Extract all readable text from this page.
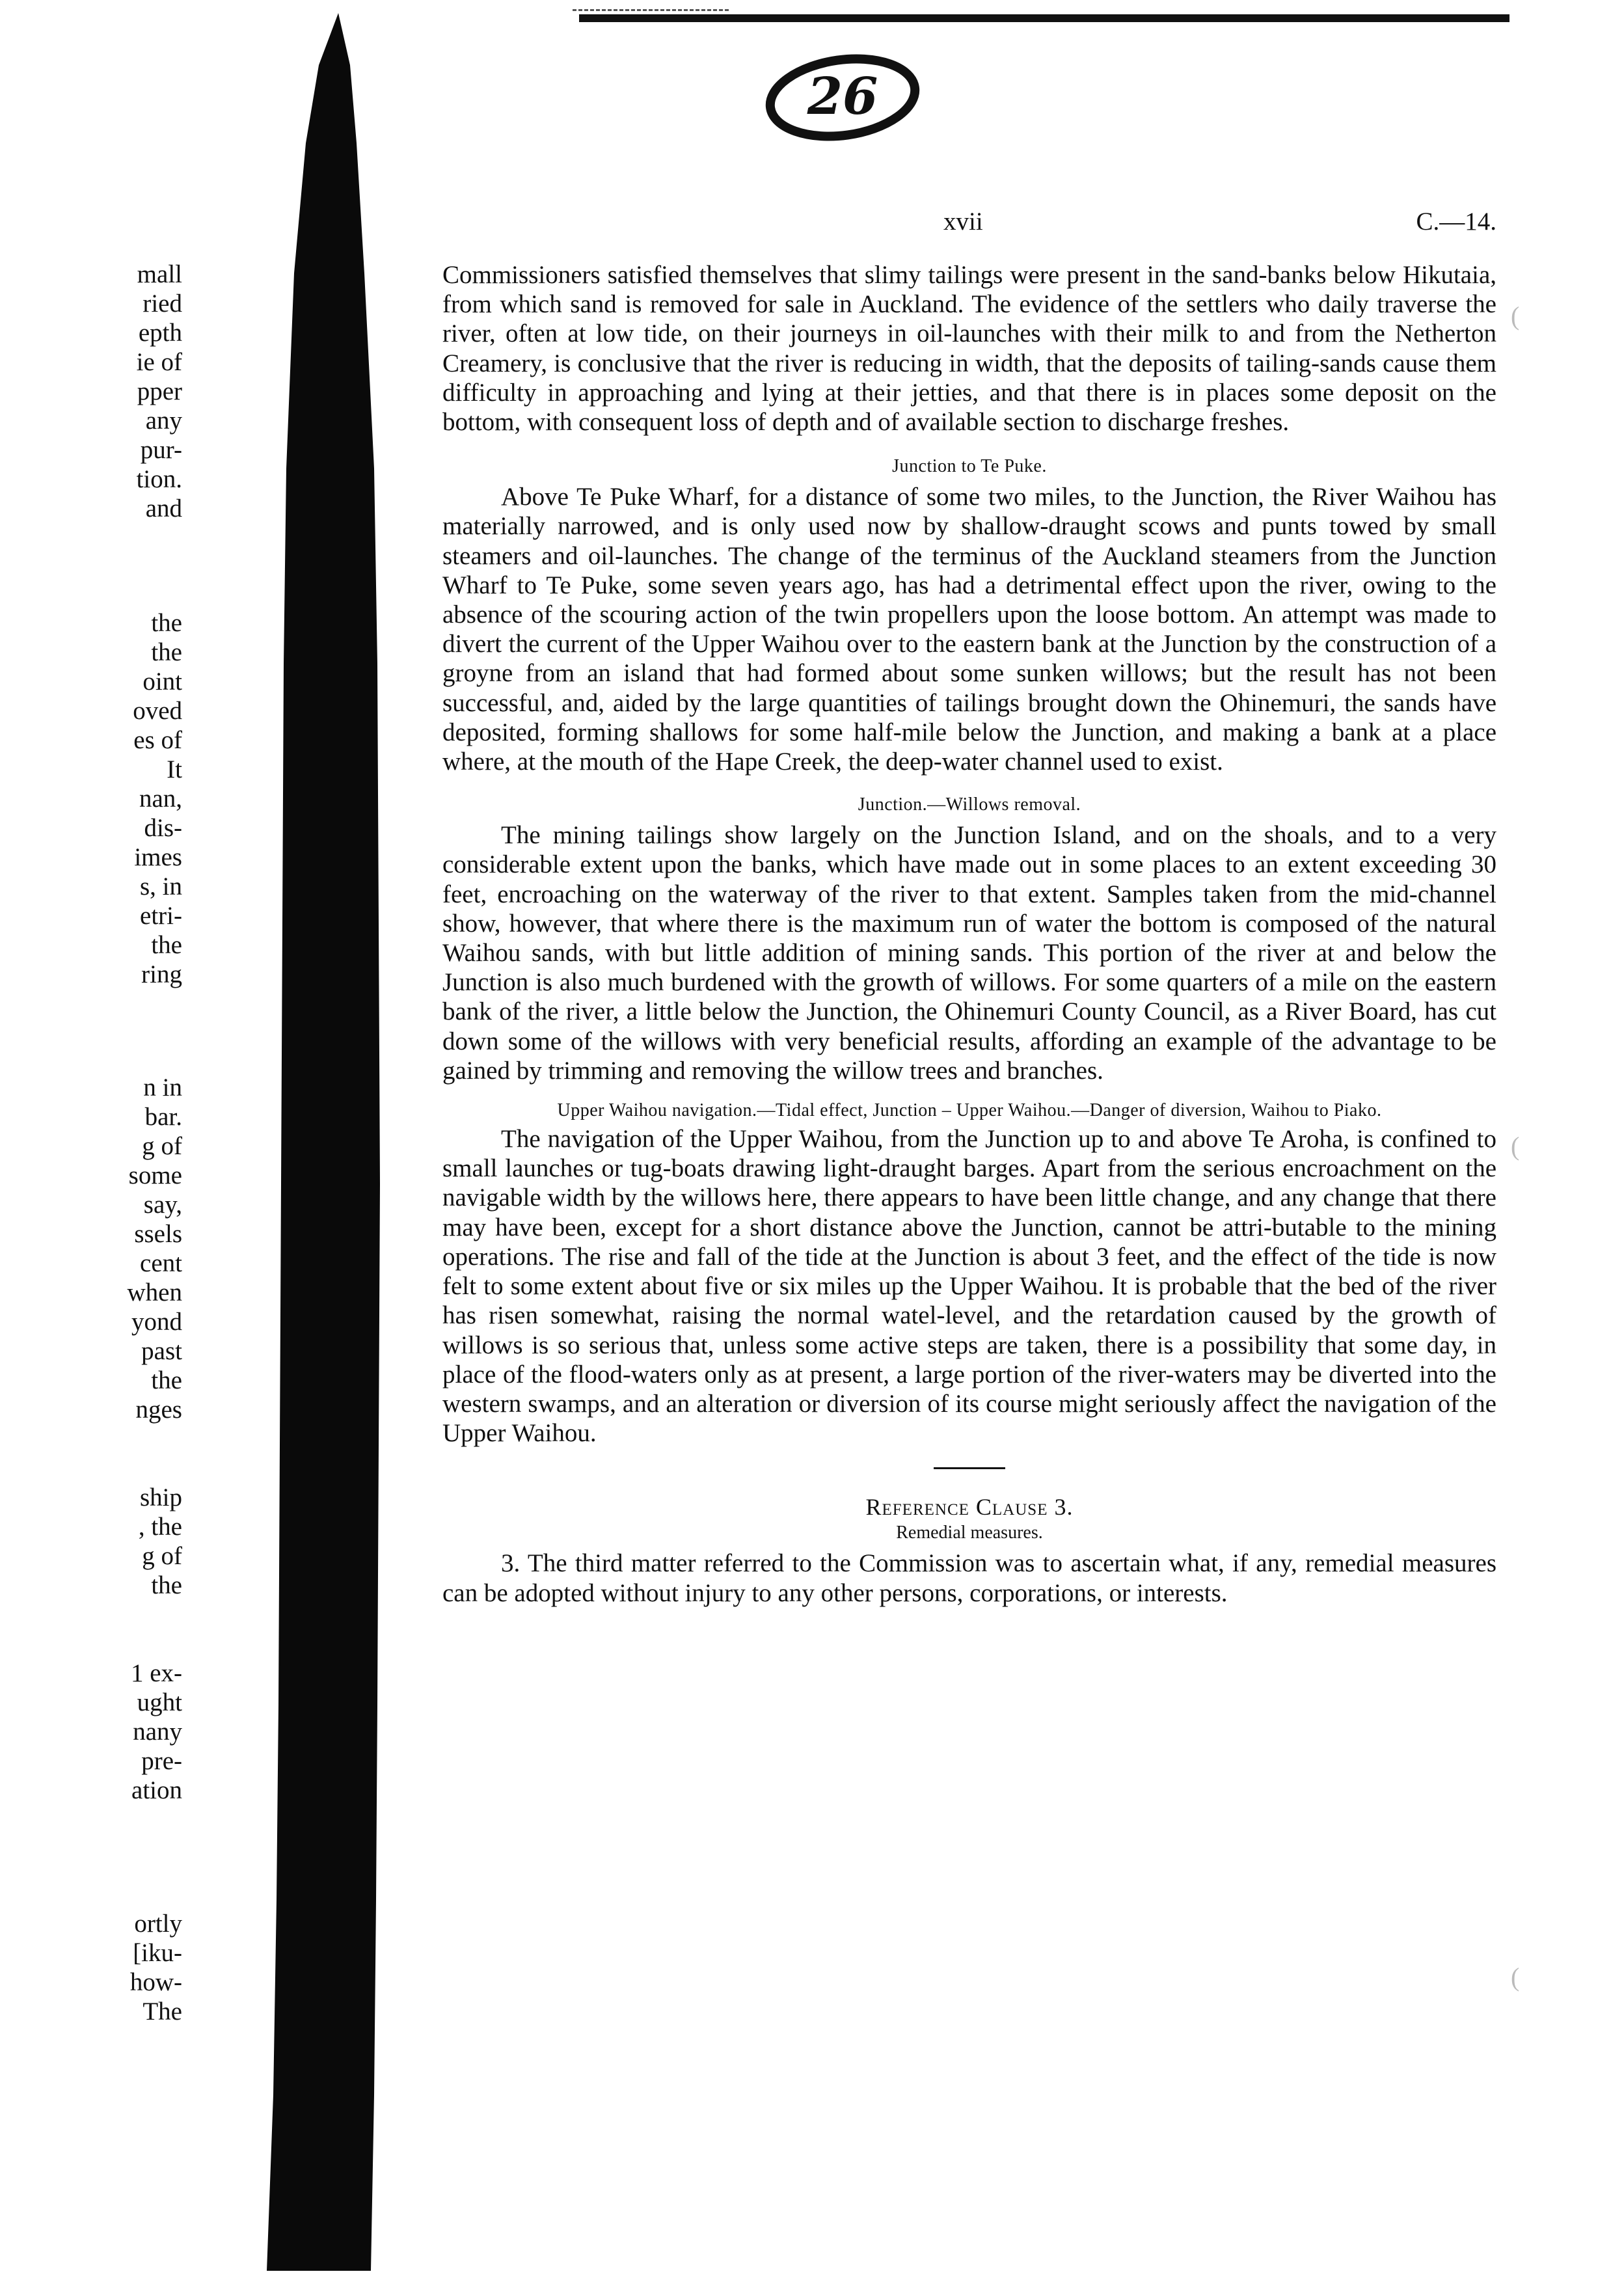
26
mall
ried
epth
ie of
pper
any
pur-
tion.
and
the
the
oint
oved
es of
It
nan,
dis-
imes
s, in
etri-
the
ring
n in
bar.
g of
some
say,
ssels
cent
when
yond
past
the
nges
ship
, the
g of
the
1 ex-
ught
nany
pre-
ation
ortly
[iku-
how-
The
xvii	C.—14.

Commissioners satisfied themselves that slimy tailings were present in the sand-banks below Hikutaia, from which sand is removed for sale in Auckland. The evidence of the settlers who daily traverse the river, often at low tide, on their journeys in oil-launches with their milk to and from the Netherton Creamery, is conclusive that the river is reducing in width, that the deposits of tailing-sands cause them difficulty in approaching and lying at their jetties, and that there is in places some deposit on the bottom, with consequent loss of depth and of available section to discharge freshes.

Junction to Te Puke.

Above Te Puke Wharf, for a distance of some two miles, to the Junction, the River Waihou has materially narrowed, and is only used now by shallow-draught scows and punts towed by small steamers and oil-launches. The change of the terminus of the Auckland steamers from the Junction Wharf to Te Puke, some seven years ago, has had a detrimental effect upon the river, owing to the absence of the scouring action of the twin propellers upon the loose bottom. An attempt was made to divert the current of the Upper Waihou over to the eastern bank at the Junction by the construction of a groyne from an island that had formed about some sunken willows; but the result has not been successful, and, aided by the large quantities of tailings brought down the Ohinemuri, the sands have deposited, forming shallows for some half-mile below the Junction, and making a bank at a place where, at the mouth of the Hape Creek, the deep-water channel used to exist.

Junction.—Willows removal.

The mining tailings show largely on the Junction Island, and on the shoals, and to a very considerable extent upon the banks, which have made out in some places to an extent exceeding 30 feet, encroaching on the waterway of the river to that extent. Samples taken from the mid-channel show, however, that where there is the maximum run of water the bottom is composed of the natural Waihou sands, with but little addition of mining sands. This portion of the river at and below the Junction is also much burdened with the growth of willows. For some quarters of a mile on the eastern bank of the river, a little below the Junction, the Ohinemuri County Council, as a River Board, has cut down some of the willows with very beneficial results, affording an example of the advantage to be gained by trimming and removing the willow trees and branches.

Upper Waihou navigation.—Tidal effect, Junction – Upper Waihou.—Danger of diversion, Waihou to Piako.

The navigation of the Upper Waihou, from the Junction up to and above Te Aroha, is confined to small launches or tug-boats drawing light-draught barges. Apart from the serious encroachment on the navigable width by the willows here, there appears to have been little change, and any change that there may have been, except for a short distance above the Junction, cannot be attri-butable to the mining operations. The rise and fall of the tide at the Junction is about 3 feet, and the effect of the tide is now felt to some extent about five or six miles up the Upper Waihou. It is probable that the bed of the river has risen somewhat, raising the normal watel-level, and the retardation caused by the growth of willows is so serious that, unless some active steps are taken, there is a possibility that some day, in place of the flood-waters only as at present, a large portion of the river-waters may be diverted into the western swamps, and an alteration or diversion of its course might seriously affect the navigation of the Upper Waihou.

Reference Clause 3.
Remedial measures.

3. The third matter referred to the Commission was to ascertain what, if any, remedial measures can be adopted without injury to any other persons, corporations, or interests.

(
(
(
